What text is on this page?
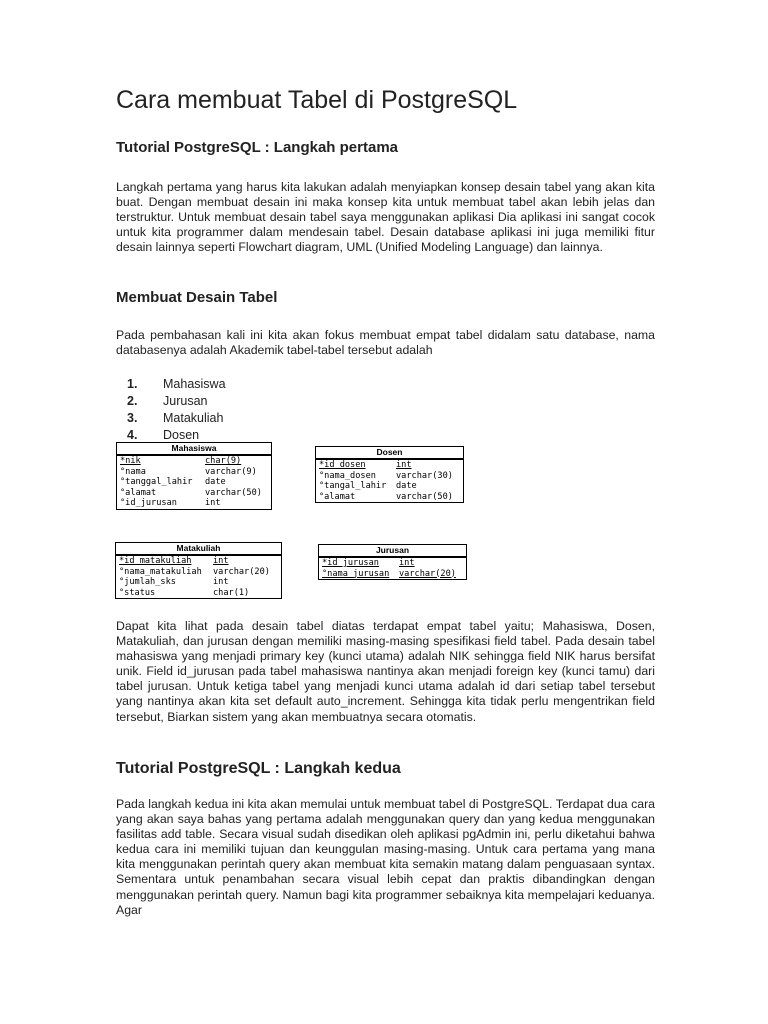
Cara membuat Tabel di PostgreSQL
Tutorial PostgreSQL : Langkah pertama

Langkah pertama yang harus kita lakukan adalah menyiapkan konsep desain tabel yang akan kita buat. Dengan membuat desain ini maka konsep kita untuk membuat tabel akan lebih jelas dan terstruktur. Untuk membuat desain tabel saya menggunakan aplikasi Dia aplikasi ini sangat cocok untuk kita programmer dalam mendesain tabel. Desain database aplikasi ini juga memiliki fitur desain lainnya seperti Flowchart diagram, UML (Unified Modeling Language) dan lainnya.

Membuat Desain Tabel

Pada pembahasan kali ini kita akan fokus membuat empat tabel didalam satu database, nama databasenya adalah Akademik tabel-tabel tersebut adalah

1. Mahasiswa
2. Jurusan
3. Matakuliah
4. Dosen

Dapat kita lihat pada desain tabel diatas terdapat empat tabel yaitu; Mahasiswa, Dosen, Matakuliah, dan jurusan dengan memiliki masing-masing spesifikasi field tabel. Pada desain tabel mahasiswa yang menjadi primary key (kunci utama) adalah NIK sehingga field NIK harus bersifat unik. Field id_jurusan pada tabel mahasiswa nantinya akan menjadi foreign key (kunci tamu) dari tabel jurusan. Untuk ketiga tabel yang menjadi kunci utama adalah id dari setiap tabel tersebut yang nantinya akan kita set default auto_increment. Sehingga kita tidak perlu mengentrikan field tersebut, Biarkan sistem yang akan membuatnya secara otomatis.

Tutorial PostgreSQL : Langkah kedua

Pada langkah kedua ini kita akan memulai untuk membuat tabel di PostgreSQL. Terdapat dua cara yang akan saya bahas yang pertama adalah menggunakan query dan yang kedua menggunakan fasilitas add table. Secara visual sudah disedikan oleh aplikasi pgAdmin ini, perlu diketahui bahwa kedua cara ini memiliki tujuan dan keunggulan masing-masing. Untuk cara pertama yang mana kita menggunakan perintah query akan membuat kita semakin matang dalam penguasaan syntax. Sementara untuk penambahan secara visual lebih cepat dan praktis dibandingkan dengan menggunakan perintah query. Namun bagi kita programmer sebaiknya kita mempelajari keduanya. Agar

Mahasiswa
*nik	char(9)
°nama	varchar(9)
°tanggal_lahir date
°alamat	varchar(50)
°id_jurusan	int
Dosen
*id_dosen	int
°nama_dosen varchar(30)
°tangal_lahir date
°alamat	varchar(50)
Matakuliah
*id_matakuliah	int
°nama_matakuliah varchar(20)
°jumlah_sks	int
°status	char(1)
Jurusan
*id_jurusan int
°nama_jurusan varchar(20)
